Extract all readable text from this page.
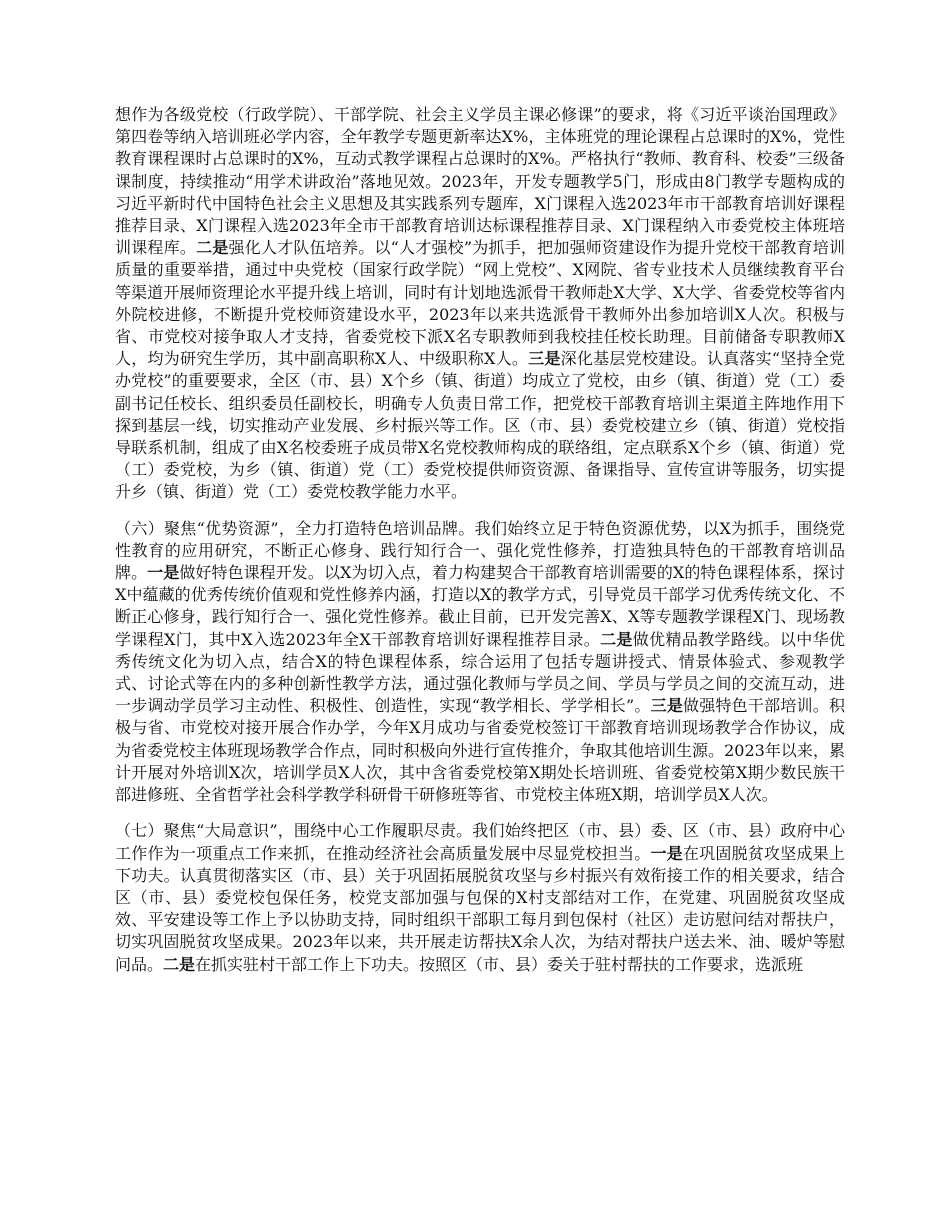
想作为各级党校（行政学院）、干部学院、社会主义学员主课必修课”的要求，将《习近平谈治国理政》第四卷等纳入培训班必学内容，全年教学专题更新率达X%，主体班党的理论课程占总课时的X%，党性教育课程课时占总课时的X%，互动式教学课程占总课时的X%。严格执行“教师、教育科、校委”三级备课制度，持续推动“用学术讲政治”落地见效。2023年，开发专题教学5门，形成由8门教学专题构成的习近平新时代中国特色社会主义思想及其实践系列专题库，X门课程入选2023年市干部教育培训好课程推荐目录、X门课程入选2023年全市干部教育培训达标课程推荐目录、X门课程纳入市委党校主体班培训课程库。二是强化人才队伍培养。以“人才强校”为抓手，把加强师资建设作为提升党校干部教育培训质量的重要举措，通过中央党校（国家行政学院）“网上党校”、X网院、省专业技术人员继续教育平台等渠道开展师资理论水平提升线上培训，同时有计划地选派骨干教师赴X大学、X大学、省委党校等省内外院校进修，不断提升党校师资建设水平，2023年以来共选派骨干教师外出参加培训X人次。积极与省、市党校对接争取人才支持，省委党校下派X名专职教师到我校挂任校长助理。目前储备专职教师X人，均为研究生学历，其中副高职称X人、中级职称X人。三是深化基层党校建设。认真落实“坚持全党办党校”的重要要求，全区（市、县）X个乡（镇、街道）均成立了党校，由乡（镇、街道）党（工）委副书记任校长、组织委员任副校长，明确专人负责日常工作，把党校干部教育培训主渠道主阵地作用下探到基层一线，切实推动产业发展、乡村振兴等工作。区（市、县）委党校建立乡（镇、街道）党校指导联系机制，组成了由X名校委班子成员带X名党校教师构成的联络组，定点联系X个乡（镇、街道）党（工）委党校，为乡（镇、街道）党（工）委党校提供师资资源、备课指导、宣传宣讲等服务，切实提升乡（镇、街道）党（工）委党校教学能力水平。

（六）聚焦“优势资源”，全力打造特色培训品牌。我们始终立足于特色资源优势，以X为抓手，围绕党性教育的应用研究，不断正心修身、践行知行合一、强化党性修养，打造独具特色的干部教育培训品牌。一是做好特色课程开发。以X为切入点，着力构建契合干部教育培训需要的X的特色课程体系，探讨X中蕴藏的优秀传统价值观和党性修养内涵，打造以X的教学方式，引导党员干部学习优秀传统文化、不断正心修身，践行知行合一、强化党性修养。截止目前，已开发完善X、X等专题教学课程X门、现场教学课程X门，其中X入选2023年全X干部教育培训好课程推荐目录。二是做优精品教学路线。以中华优秀传统文化为切入点，结合X的特色课程体系，综合运用了包括专题讲授式、情景体验式、参观教学式、讨论式等在内的多种创新性教学方法，通过强化教师与学员之间、学员与学员之间的交流互动，进一步调动学员学习主动性、积极性、创造性，实现“教学相长、学学相长”。三是做强特色干部培训。积极与省、市党校对接开展合作办学，今年X月成功与省委党校签订干部教育培训现场教学合作协议，成为省委党校主体班现场教学合作点，同时积极向外进行宣传推介，争取其他培训生源。2023年以来，累计开展对外培训X次，培训学员X人次，其中含省委党校第X期处长培训班、省委党校第X期少数民族干部进修班、全省哲学社会科学教学科研骨干研修班等省、市党校主体班X期，培训学员X人次。

（七）聚焦“大局意识”，围绕中心工作履职尽责。我们始终把区（市、县）委、区（市、县）政府中心工作作为一项重点工作来抓，在推动经济社会高质量发展中尽显党校担当。一是在巩固脱贫攻坚成果上下功夫。认真贯彻落实区（市、县）关于巩固拓展脱贫攻坚与乡村振兴有效衔接工作的相关要求，结合区（市、县）委党校包保任务，校党支部加强与包保的X村支部结对工作，在党建、巩固脱贫攻坚成效、平安建设等工作上予以协助支持，同时组织干部职工每月到包保村（社区）走访慰问结对帮扶户，切实巩固脱贫攻坚成果。2023年以来，共开展走访帮扶X余人次，为结对帮扶户送去米、油、暖炉等慰问品。二是在抓实驻村干部工作上下功夫。按照区（市、县）委关于驻村帮扶的工作要求，选派班
